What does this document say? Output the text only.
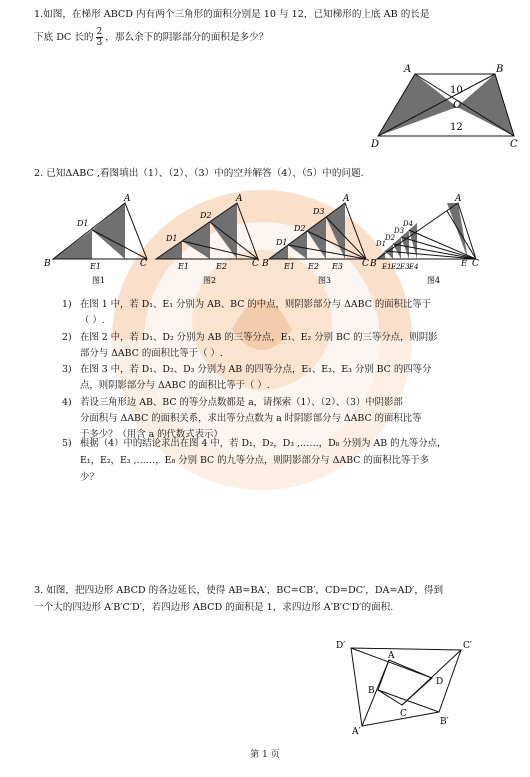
1.如图，在梯形 ABCD 内有两个三角形的面积分别是 10 与 12，已知梯形的上底 AB 的长是
下底 DC 长的 $\frac{2}{3}$ ，那么余下的阴影部分的面积是多少？
A	B
D	C
O
10
12
2. 已知ΔABC ,看图填出（1）、（2）、（3）中的空并解答（4）、（5）中的问题.
A
B	C
D1
E1
图1
A
C
D1
D2
E1	E2
图2
A
B	C
D1
D2
D3
E1 E2 E3
图3
A
B	C
D1
D2
D3
D4
E1 E2 E3 E4	E
图4
1) 在图 1 中，若 D₁、E₁ 分别为 AB、BC 的中点，则阴影部分与 ΔABC 的面积比等于
（ ）.
2) 在图 2 中，若 D₁、D₂ 分别为 AB 的三等分点，E₁、E₂ 分别 BC 的三等分点，则阴影
部分与 ΔABC 的面积比等于（ ）.
3) 在图 3 中，若 D₁、D₂、D₃ 分别为 AB 的四等分点，E₁、E₂、E₃ 分别 BC 的四等分
点，则阴影部分与 ΔABC 的面积比等于（ ）.
4) 若设三角形边 AB、BC 的等分点数都是 a，请探索（1）、（2）、（3）中阴影部
分面积与 ΔABC 的面积关系，求出等分点数为 a 时阴影部分与 ΔABC 的面积比等
于多少？（用含 a 的代数式表示）
5) 根据（4）中的结论求出在图 4 中，若 D₁，D₂，D₃ ,……，D₈ 分别为 AB 的九等分点，
E₁，E₂，E₃ ,……，E₈ 分别 BC 的九等分点，则阴影部分与 ΔABC 的面积比等于多
少？
3. 如图，把四边形 ABCD 的各边延长，使得 AB=BA′，BC=CB′，CD=DC′，DA=AD′，得到
一个大的四边形 A′B′C′D′，若四边形 ABCD 的面积是 1，求四边形 A′B′C′D′的面积.
A
B
C
D
A′
B′
C′
D′
第 1 页
